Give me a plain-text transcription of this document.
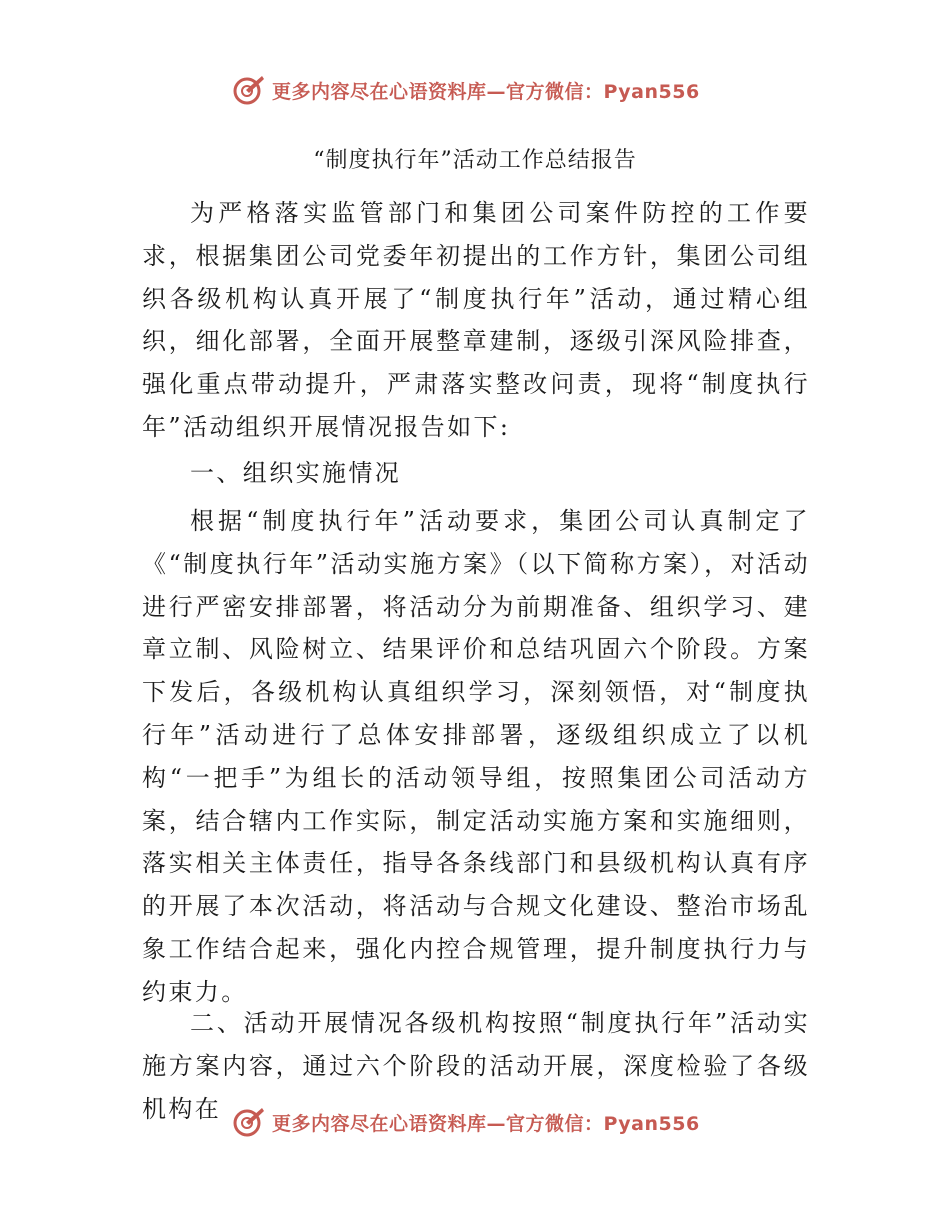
更多内容尽在心语资料库—官方微信：Pyan556
“制度执行年”活动工作总结报告

为严格落实监管部门和集团公司案件防控的工作要求，根据集团公司党委年初提出的工作方针，集团公司组织各级机构认真开展了“制度执行年”活动，通过精心组织，细化部署，全面开展整章建制，逐级引深风险排查，强化重点带动提升，严肃落实整改问责，现将“制度执行年”活动组织开展情况报告如下:

一、组织实施情况

根据“制度执行年”活动要求，集团公司认真制定了《“制度执行年”活动实施方案》（以下简称方案），对活动进行严密安排部署，将活动分为前期准备、组织学习、建章立制、风险树立、结果评价和总结巩固六个阶段。方案下发后，各级机构认真组织学习，深刻领悟，对“制度执行年”活动进行了总体安排部署，逐级组织成立了以机构“一把手”为组长的活动领导组，按照集团公司活动方案，结合辖内工作实际，制定活动实施方案和实施细则，落实相关主体责任，指导各条线部门和县级机构认真有序的开展了本次活动，将活动与合规文化建设、整治市场乱象工作结合起来，强化内控合规管理，提升制度执行力与约束力。

二、活动开展情况各级机构按照“制度执行年”活动实施方案内容，通过六个阶段的活动开展，深度检验了各级机构在

更多内容尽在心语资料库—官方微信：Pyan556
